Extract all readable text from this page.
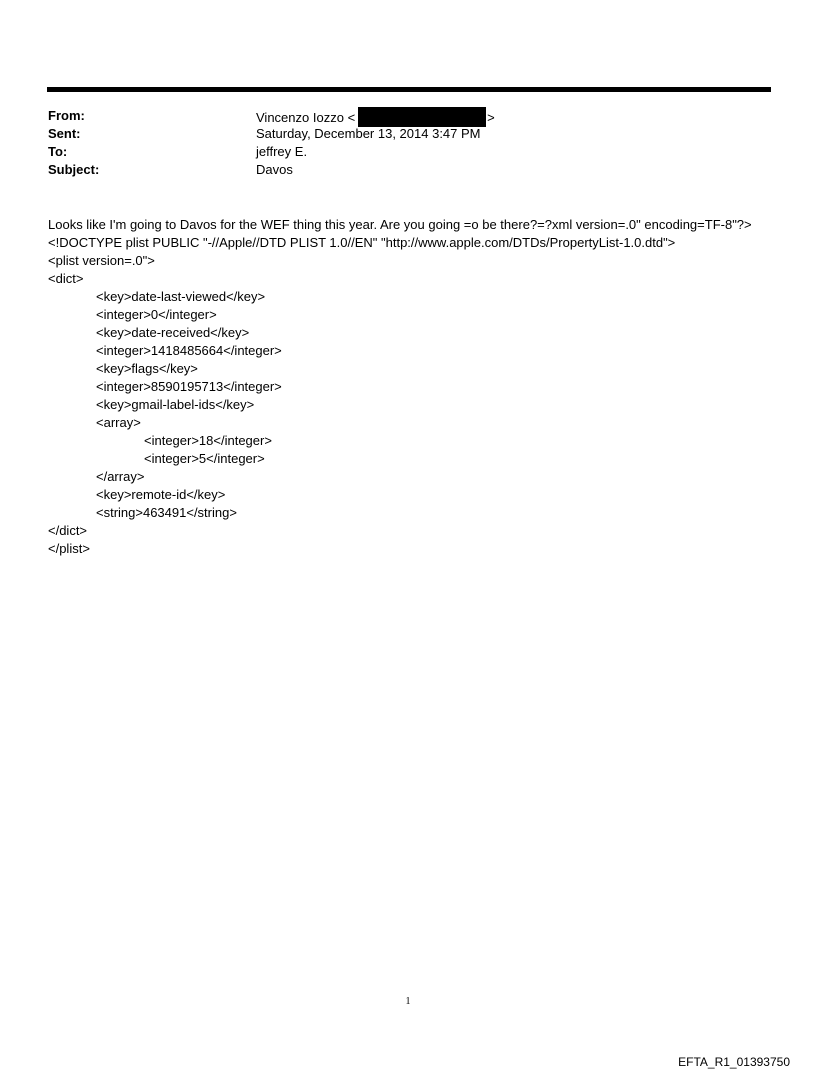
From:	Vincenzo Iozzo <	>
Sent:	Saturday, December 13, 2014 3:47 PM
To:	jeffrey E.
Subject:	Davos
Looks like I'm going to Davos for the WEF thing this year. Are you going =o be there?=?xml version=.0" encoding=TF-8"?>
<!DOCTYPE plist PUBLIC "-//Apple//DTD PLIST 1.0//EN" "http://www.apple.com/DTDs/PropertyList-1.0.dtd">
<plist version=.0">
<dict>
<key>date-last-viewed</key>
<integer>0</integer>
<key>date-received</key>
<integer>1418485664</integer>
<key>flags</key>
<integer>8590195713</integer>
<key>gmail-label-ids</key>
<array>
<integer>18</integer>
<integer>5</integer>
</array>
<key>remote-id</key>
<string>463491</string>
</dict>
</plist>
1
EFTA_R1_01393750
